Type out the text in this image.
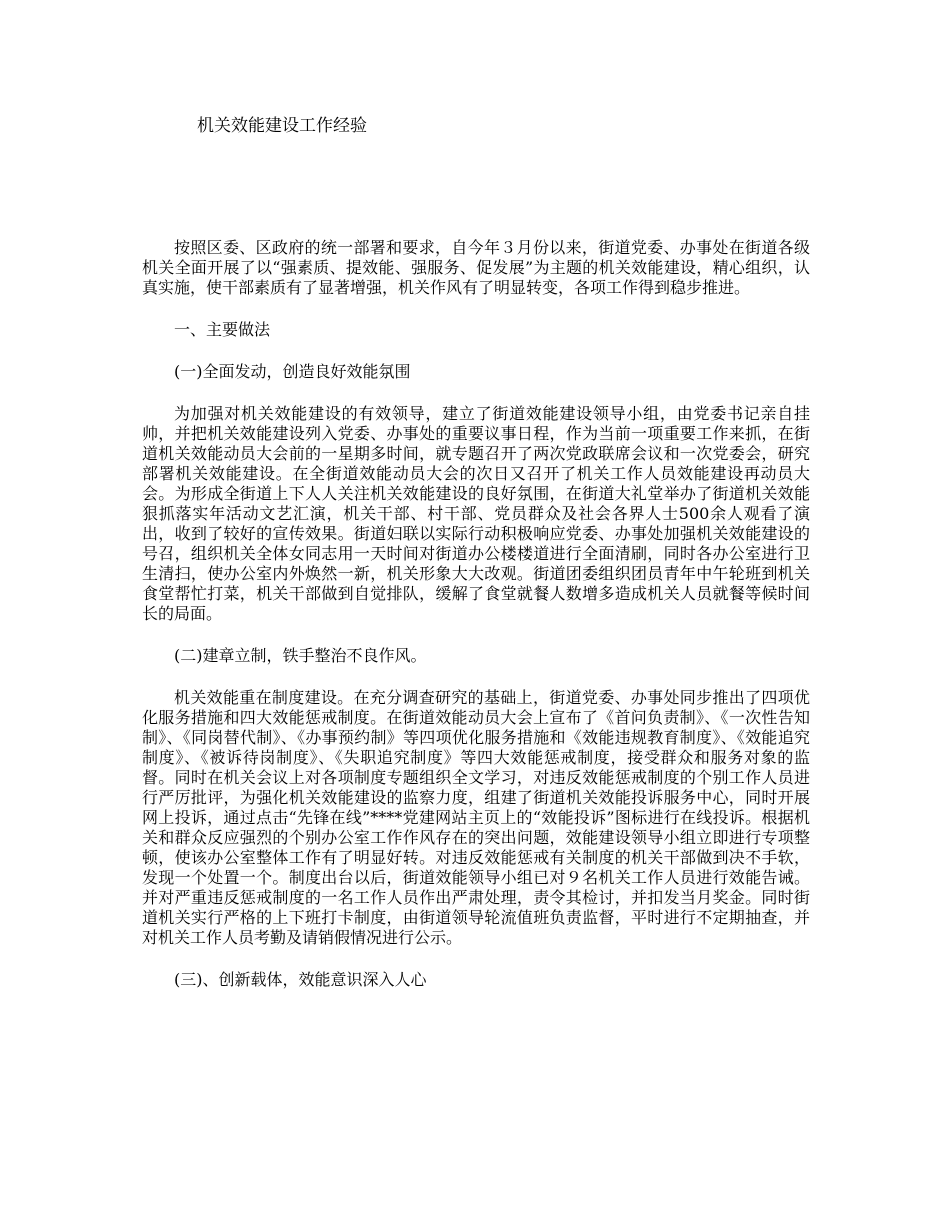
机关效能建设工作经验

按照区委、区政府的统一部署和要求，自今年３月份以来，街道党委、办事处在街道各级机关全面开展了以“强素质、提效能、强服务、促发展”为主题的机关效能建设，精心组织，认真实施，使干部素质有了显著增强，机关作风有了明显转变，各项工作得到稳步推进。

一、主要做法

(一)全面发动，创造良好效能氛围

为加强对机关效能建设的有效领导，建立了街道效能建设领导小组，由党委书记亲自挂帅，并把机关效能建设列入党委、办事处的重要议事日程，作为当前一项重要工作来抓，在街道机关效能动员大会前的一星期多时间，就专题召开了两次党政联席会议和一次党委会，研究部署机关效能建设。在全街道效能动员大会的次日又召开了机关工作人员效能建设再动员大会。为形成全街道上下人人关注机关效能建设的良好氛围，在街道大礼堂举办了街道机关效能狠抓落实年活动文艺汇演，机关干部、村干部、党员群众及社会各界人士500余人观看了演出，收到了较好的宣传效果。街道妇联以实际行动积极响应党委、办事处加强机关效能建设的号召，组织机关全体女同志用一天时间对街道办公楼楼道进行全面清刷，同时各办公室进行卫生清扫，使办公室内外焕然一新，机关形象大大改观。街道团委组织团员青年中午轮班到机关食堂帮忙打菜，机关干部做到自觉排队，缓解了食堂就餐人数增多造成机关人员就餐等候时间长的局面。

(二)建章立制，铁手整治不良作风。

机关效能重在制度建设。在充分调查研究的基础上，街道党委、办事处同步推出了四项优化服务措施和四大效能惩戒制度。在街道效能动员大会上宣布了《首问负责制》、《一次性告知制》、《同岗替代制》、《办事预约制》等四项优化服务措施和《效能违规教育制度》、《效能追究制度》、《被诉待岗制度》、《失职追究制度》等四大效能惩戒制度，接受群众和服务对象的监督。同时在机关会议上对各项制度专题组织全文学习，对违反效能惩戒制度的个别工作人员进行严厉批评，为强化机关效能建设的监察力度，组建了街道机关效能投诉服务中心，同时开展网上投诉，通过点击“先锋在线”****党建网站主页上的“效能投诉”图标进行在线投诉。根据机关和群众反应强烈的个别办公室工作作风存在的突出问题，效能建设领导小组立即进行专项整顿，使该办公室整体工作有了明显好转。对违反效能惩戒有关制度的机关干部做到决不手软，发现一个处置一个。制度出台以后，街道效能领导小组已对９名机关工作人员进行效能告诫。并对严重违反惩戒制度的一名工作人员作出严肃处理，责令其检讨，并扣发当月奖金。同时街道机关实行严格的上下班打卡制度，由街道领导轮流值班负责监督，平时进行不定期抽查，并对机关工作人员考勤及请销假情况进行公示。

(三)、创新载体，效能意识深入人心
